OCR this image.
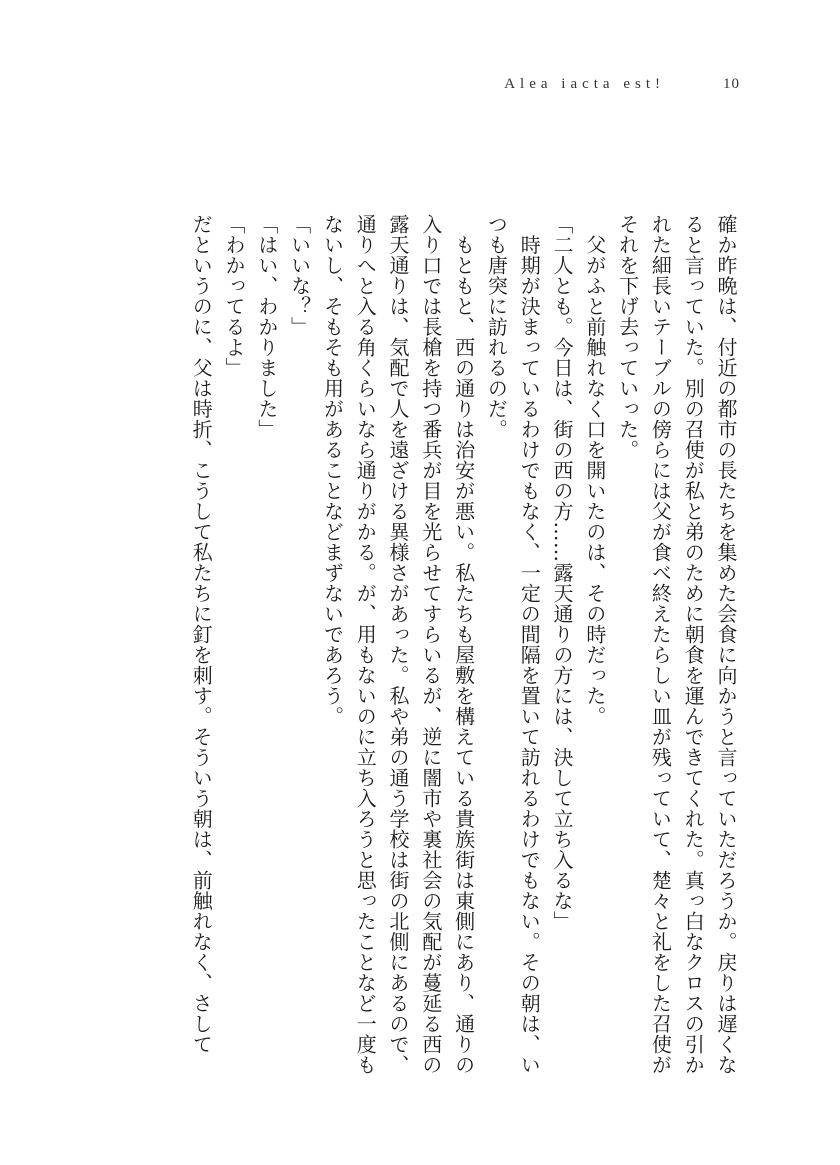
Alea iacta est!	10

確か昨晩は、付近の都市の長たちを集めた会食に向かうと言っていただろうか。戻りは遅くなると言っていた。別の召使が私と弟のために朝食を運んできてくれた。真っ白なクロスの引かれた細長いテーブルの傍らには父が食べ終えたらしい皿が残っていて、楚々と礼をした召使がそれを下げ去っていった。

　父がふと前触れなく口を開いたのは、その時だった。

「二人とも。今日は、街の西の方……露天通りの方には、決して立ち入るな」

　時期が決まっているわけでもなく、一定の間隔を置いて訪れるわけでもない。その朝は、いつも唐突に訪れるのだ。

　もともと、西の通りは治安が悪い。私たちも屋敷を構えている貴族街は東側にあり、通りの入り口では長槍を持つ番兵が目を光らせてすらいるが、逆に闇市や裏社会の気配が蔓延る西の露天通りは、気配で人を遠ざける異様さがあった。私や弟の通う学校は街の北側にあるので、通りへと入る角くらいなら通りがかる。が、用もないのに立ち入ろうと思ったことなど一度もないし、そもそも用があることなどまずないであろう。

「いいな？」

「はい、わかりました」

「わかってるよ」

だというのに、父は時折、こうして私たちに釘を刺す。そういう朝は、前触れなく、さして
